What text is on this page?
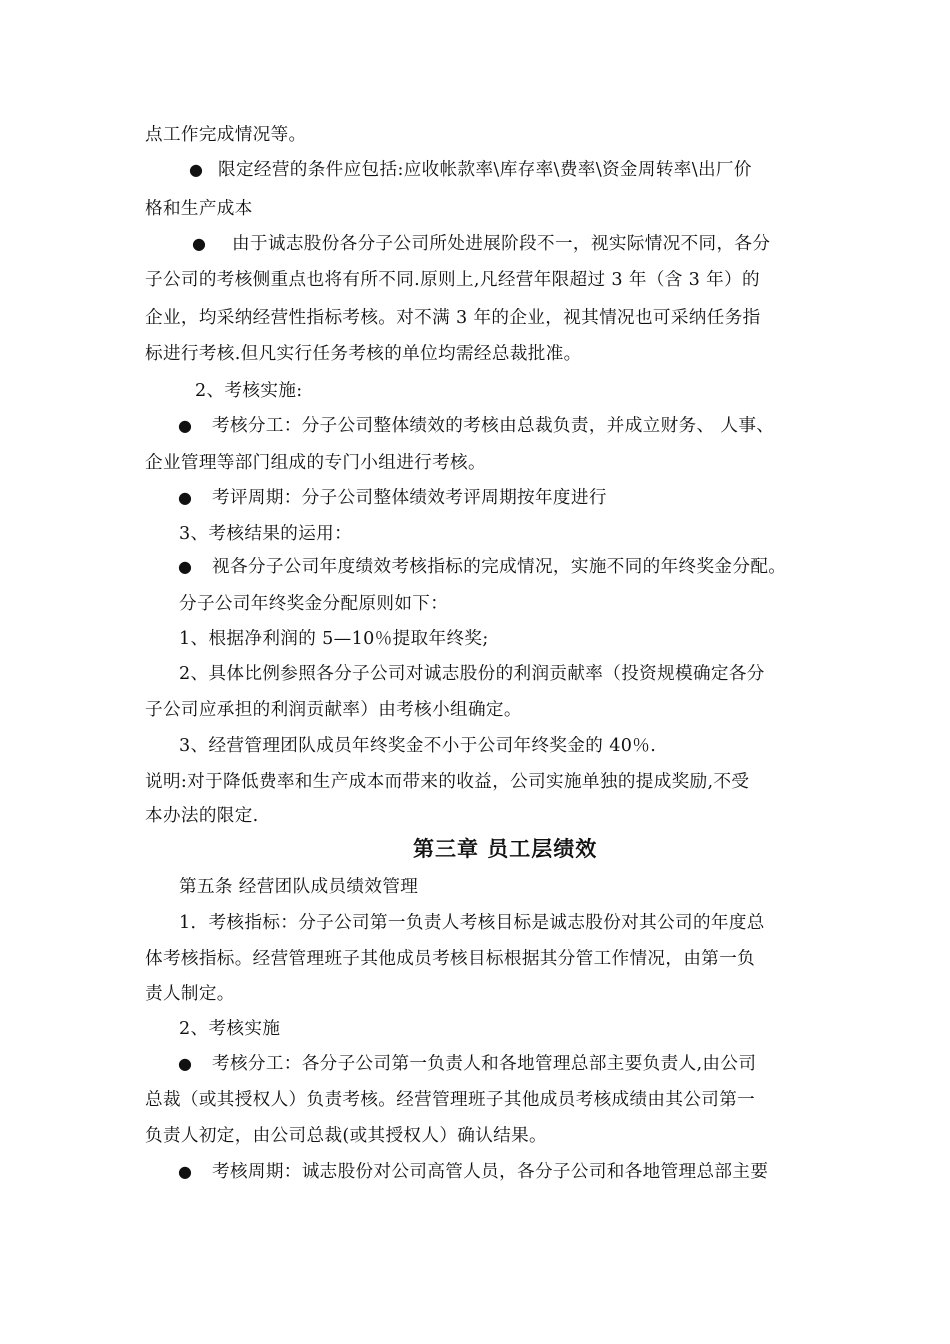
点工作完成情况等。
● 限定经营的条件应包括:应收帐款率\库存率\费率\资金周转率\出厂价
格和生产成本
● 由于诚志股份各分子公司所处进展阶段不一，视实际情况不同，各分
子公司的考核侧重点也将有所不同.原则上,凡经营年限超过 3 年（含 3 年）的
企业，均采纳经营性指标考核。对不满 3 年的企业，视其情况也可采纳任务指
标进行考核.但凡实行任务考核的单位均需经总裁批准。
2、考核实施:
● 考核分工：分子公司整体绩效的考核由总裁负责，并成立财务、 人事、
企业管理等部门组成的专门小组进行考核。
● 考评周期：分子公司整体绩效考评周期按年度进行
3、考核结果的运用：
● 视各分子公司年度绩效考核指标的完成情况，实施不同的年终奖金分配。
分子公司年终奖金分配原则如下：
1、根据净利润的 5—10％提取年终奖;
2、具体比例参照各分子公司对诚志股份的利润贡献率（投资规模确定各分
子公司应承担的利润贡献率）由考核小组确定。
3、经营管理团队成员年终奖金不小于公司年终奖金的 40％.
说明:对于降低费率和生产成本而带来的收益，公司实施单独的提成奖励,不受
本办法的限定.
第三章 员工层绩效
第五条 经营团队成员绩效管理
1．考核指标：分子公司第一负责人考核目标是诚志股份对其公司的年度总
体考核指标。经营管理班子其他成员考核目标根据其分管工作情况，由第一负
责人制定。
2、考核实施
● 考核分工：各分子公司第一负责人和各地管理总部主要负责人,由公司
总裁（或其授权人）负责考核。经营管理班子其他成员考核成绩由其公司第一
负责人初定，由公司总裁(或其授权人）确认结果。
● 考核周期：诚志股份对公司高管人员，各分子公司和各地管理总部主要
